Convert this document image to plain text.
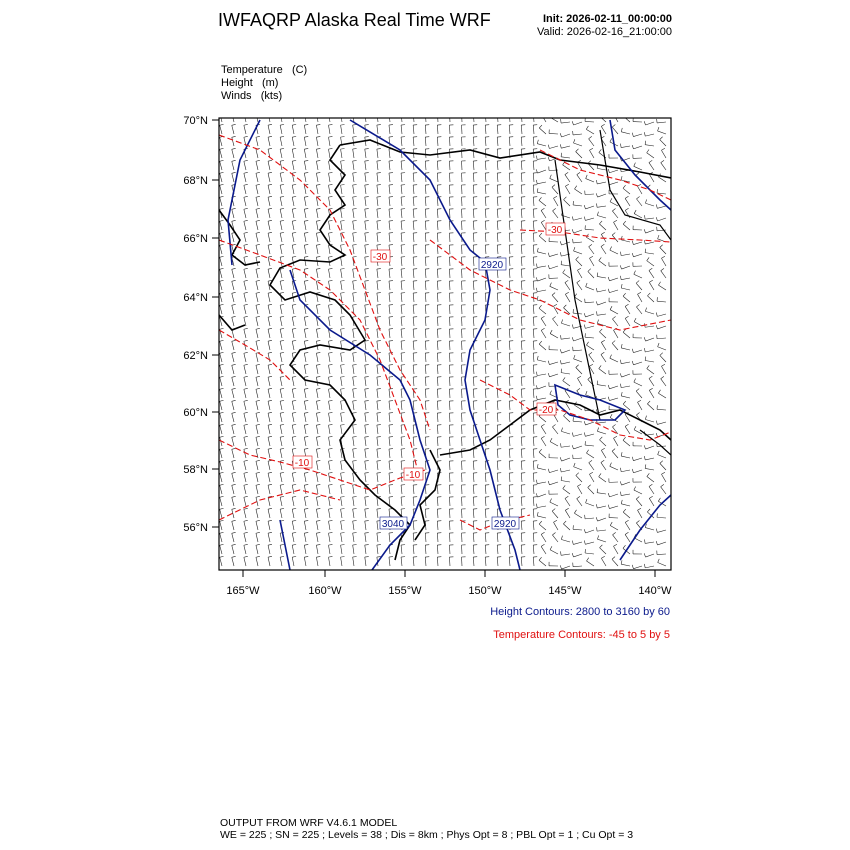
IWFAQRP Alaska Real Time WRF	Init: 2026-02-11_00:00:00
Valid: 2026-02-16_21:00:00
Temperature (C)
Height (m)
Winds (kts)
2920
3040	2920
-30
-30
-20
-10
-10
70°N
68°N
66°N
64°N
62°N
60°N
58°N
56°N
165°W	160°W	155°W	150°W	145°W	140°W
Height Contours: 2800 to 3160 by 60
Temperature Contours: -45 to 5 by 5
OUTPUT FROM WRF V4.6.1 MODEL
WE = 225 ; SN = 225 ; Levels = 38 ; Dis = 8km ; Phys Opt = 8 ; PBL Opt = 1 ; Cu Opt = 3
